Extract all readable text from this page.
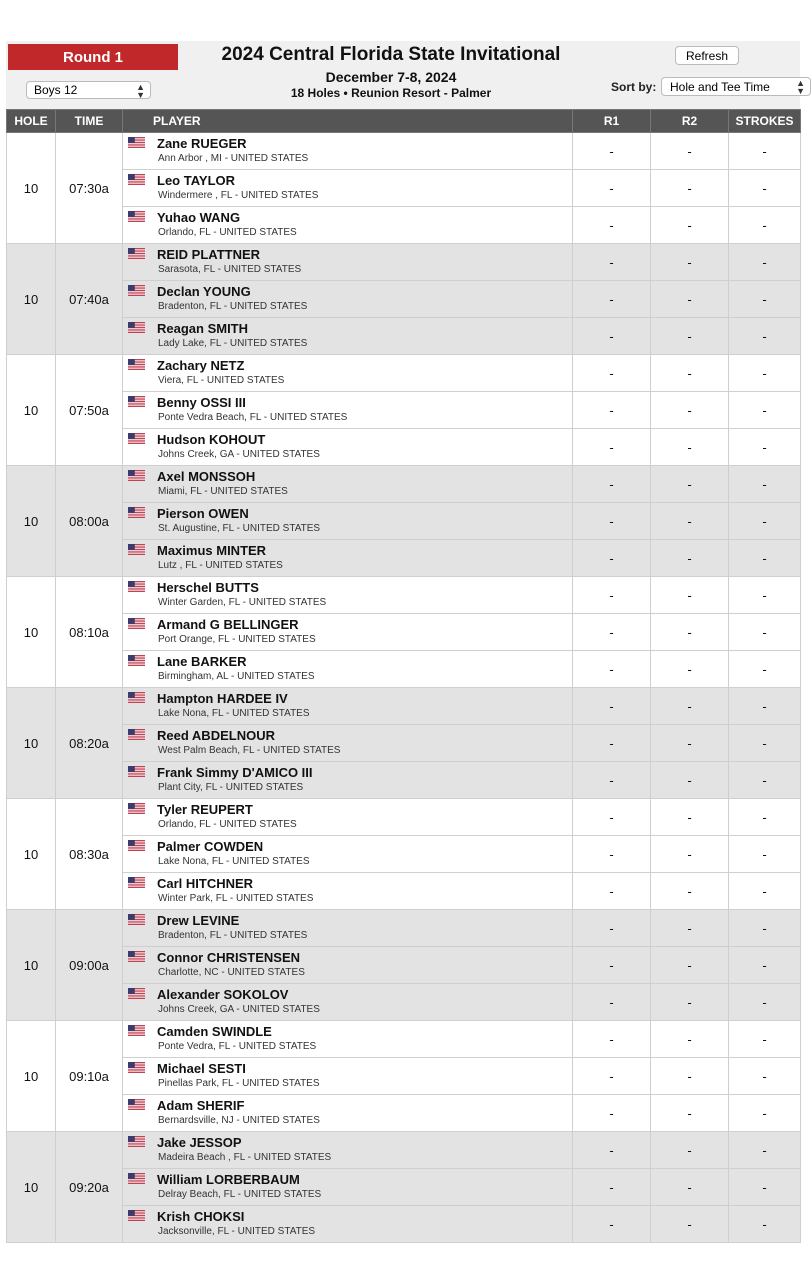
Round 1
Boys 12	▲
▼
2024 Central Florida State Invitational
December 7-8, 2024
18 Holes • Reunion Resort - Palmer
Refresh
Sort by: Hole and Tee Time	▲
▼
HOLE	TIME	PLAYER	R1	R2	STROKES
10	07:30a	Zane RUEGER
Ann Arbor , MI - UNITED STATES	-	-	-

		Leo TAYLOR
Windermere , FL - UNITED STATES	-	-	-

		Yuhao WANG
Orlando, FL - UNITED STATES	-	-	-
10	07:40a	REID PLATTNER
Sarasota, FL - UNITED STATES	-	-	-

		Declan YOUNG
Bradenton, FL - UNITED STATES	-	-	-

		Reagan SMITH
Lady Lake, FL - UNITED STATES	-	-	-
10	07:50a	Zachary NETZ
Viera, FL - UNITED STATES	-	-	-

		Benny OSSI III
Ponte Vedra Beach, FL - UNITED STATES	-	-	-

		Hudson KOHOUT
Johns Creek, GA - UNITED STATES	-	-	-
10	08:00a	Axel MONSSOH
Miami, FL - UNITED STATES	-	-	-

		Pierson OWEN
St. Augustine, FL - UNITED STATES	-	-	-

		Maximus MINTER
Lutz , FL - UNITED STATES	-	-	-
10	08:10a	Herschel BUTTS
Winter Garden, FL - UNITED STATES	-	-	-

		Armand G BELLINGER
Port Orange, FL - UNITED STATES	-	-	-

		Lane BARKER
Birmingham, AL - UNITED STATES	-	-	-
10	08:20a	Hampton HARDEE IV
Lake Nona, FL - UNITED STATES	-	-	-

		Reed ABDELNOUR
West Palm Beach, FL - UNITED STATES	-	-	-

		Frank Simmy D'AMICO III
Plant City, FL - UNITED STATES	-	-	-
10	08:30a	Tyler REUPERT
Orlando, FL - UNITED STATES	-	-	-

		Palmer COWDEN
Lake Nona, FL - UNITED STATES	-	-	-

		Carl HITCHNER
Winter Park, FL - UNITED STATES	-	-	-
10	09:00a	Drew LEVINE
Bradenton, FL - UNITED STATES	-	-	-

		Connor CHRISTENSEN
Charlotte, NC - UNITED STATES	-	-	-

		Alexander SOKOLOV
Johns Creek, GA - UNITED STATES	-	-	-
10	09:10a	Camden SWINDLE
Ponte Vedra, FL - UNITED STATES	-	-	-

		Michael SESTI
Pinellas Park, FL - UNITED STATES	-	-	-

		Adam SHERIF
Bernardsville, NJ - UNITED STATES	-	-	-
10	09:20a	Jake JESSOP
Madeira Beach , FL - UNITED STATES	-	-	-

		William LORBERBAUM
Delray Beach, FL - UNITED STATES	-	-	-

		Krish CHOKSI
Jacksonville, FL - UNITED STATES	-	-	-
